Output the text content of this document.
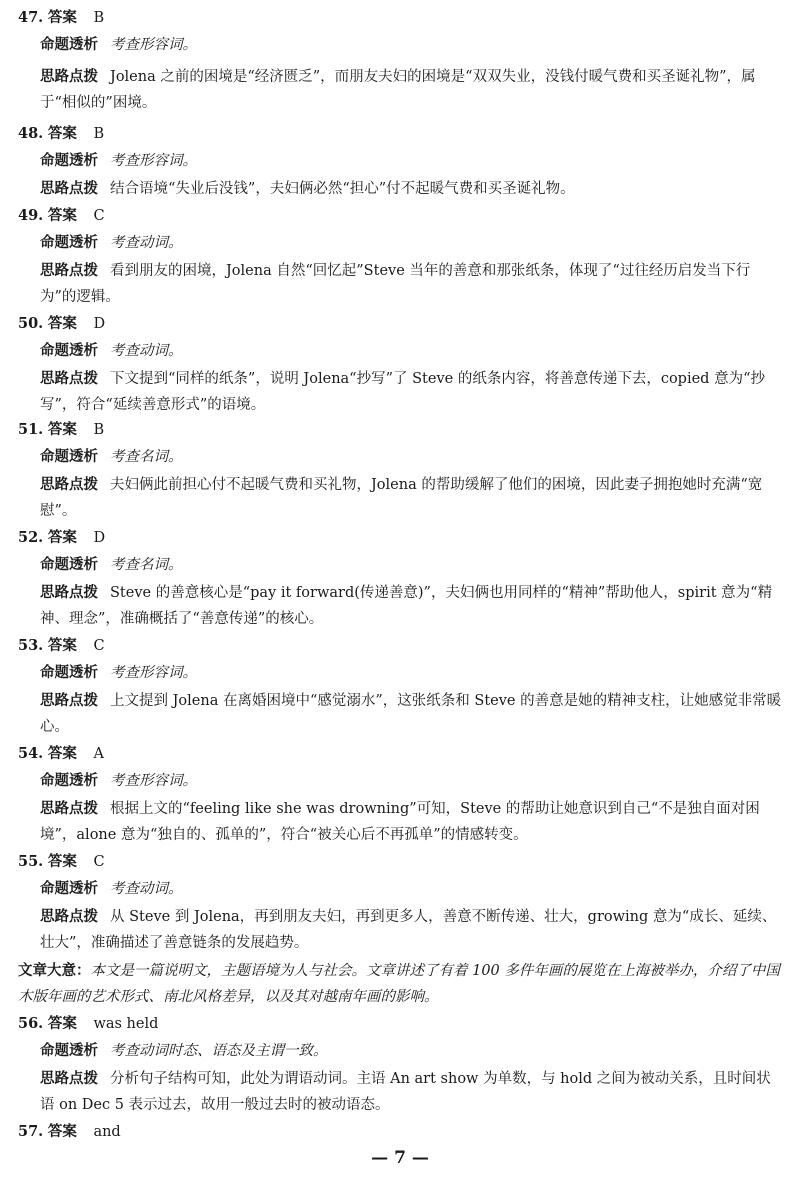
47. 答案 B
命题透析 考查形容词。
思路点拨 Jolena 之前的困境是“经济匮乏”，而朋友夫妇的困境是“双双失业，没钱付暖气费和买圣诞礼物”，属于“相似的”困境。
48. 答案 B
命题透析 考查形容词。
思路点拨 结合语境“失业后没钱”，夫妇俩必然“担心”付不起暖气费和买圣诞礼物。
49. 答案 C
命题透析 考查动词。
思路点拨 看到朋友的困境，Jolena 自然“回忆起”Steve 当年的善意和那张纸条，体现了“过往经历启发当下行为”的逻辑。
50. 答案 D
命题透析 考查动词。
思路点拨 下文提到“同样的纸条”，说明 Jolena“抄写”了 Steve 的纸条内容，将善意传递下去，copied 意为“抄写”，符合“延续善意形式”的语境。
51. 答案 B
命题透析 考查名词。
思路点拨 夫妇俩此前担心付不起暖气费和买礼物，Jolena 的帮助缓解了他们的困境，因此妻子拥抱她时充满“宽慰”。
52. 答案 D
命题透析 考查名词。
思路点拨 Steve 的善意核心是“pay it forward(传递善意)”，夫妇俩也用同样的“精神”帮助他人，spirit 意为“精神、理念”，准确概括了“善意传递”的核心。
53. 答案 C
命题透析 考查形容词。
思路点拨 上文提到 Jolena 在离婚困境中“感觉溺水”，这张纸条和 Steve 的善意是她的精神支柱，让她感觉非常暖心。
54. 答案 A
命题透析 考查形容词。
思路点拨 根据上文的“feeling like she was drowning”可知，Steve 的帮助让她意识到自己“不是独自面对困境”，alone 意为“独自的、孤单的”，符合“被关心后不再孤单”的情感转变。
55. 答案 C
命题透析 考查动词。
思路点拨 从 Steve 到 Jolena，再到朋友夫妇，再到更多人，善意不断传递、壮大，growing 意为“成长、延续、壮大”，准确描述了善意链条的发展趋势。
文章大意：本文是一篇说明文，主题语境为人与社会。文章讲述了有着 100 多件年画的展览在上海被举办，介绍了中国木版年画的艺术形式、南北风格差异，以及其对越南年画的影响。
56. 答案 was held
命题透析 考查动词时态、语态及主谓一致。
思路点拨 分析句子结构可知，此处为谓语动词。主语 An art show 为单数，与 hold 之间为被动关系，且时间状语 on Dec 5 表示过去，故用一般过去时的被动语态。
57. 答案 and
— 7 —
